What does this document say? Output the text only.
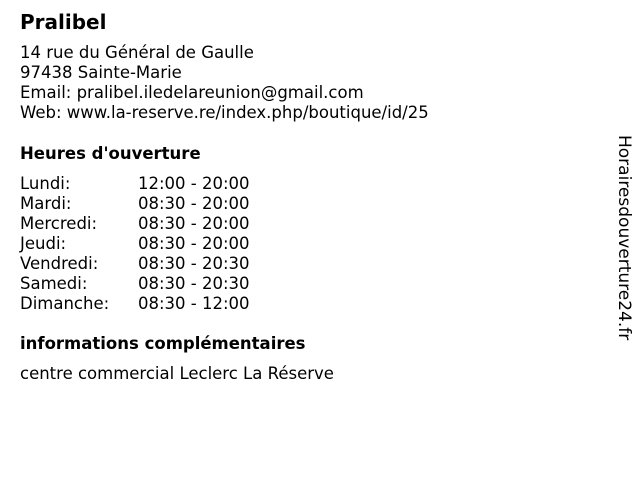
Pralibel
14 rue du Général de Gaulle
97438 Sainte-Marie
Email: pralibel.iledelareunion@gmail.com
Web: www.la-reserve.re/index.php/boutique/id/25
Heures d'ouverture
Lundi:	12:00 - 20:00
Mardi:	08:30 - 20:00
Mercredi: 08:30 - 20:00
Jeudi:	08:30 - 20:00
Vendredi: 08:30 - 20:30
Samedi:	08:30 - 20:30
Dimanche: 08:30 - 12:00
informations complémentaires
centre commercial Leclerc La Réserve
Horairesdouverture24.fr
